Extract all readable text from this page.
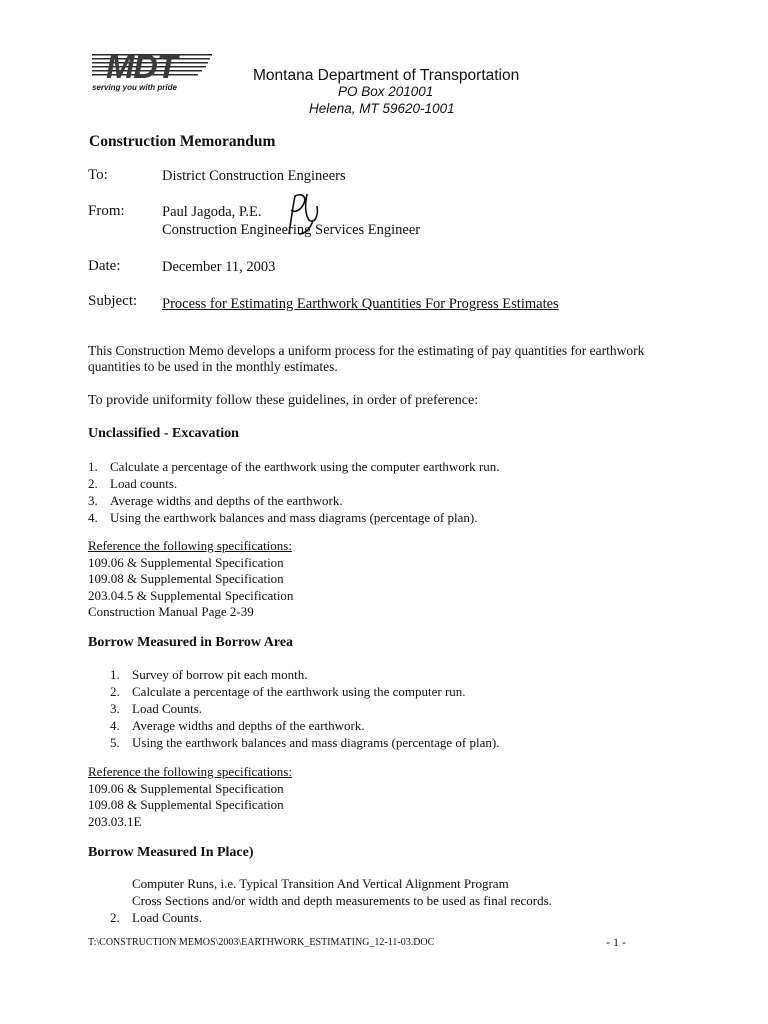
MDT
serving you with pride
Montana Department of Transportation
PO Box 201001
Helena, MT 59620-1001
Construction Memorandum
To:	District Construction Engineers
From:	Paul Jagoda, P.E.
Construction Engineering Services Engineer
Date:	December 11, 2003
Subject: Process for Estimating Earthwork Quantities For Progress Estimates
This Construction Memo develops a uniform process for the estimating of pay quantities for earthwork
quantities to be used in the monthly estimates.
To provide uniformity follow these guidelines, in order of preference:
Unclassified - Excavation
1. Calculate a percentage of the earthwork using the computer earthwork run.
2. Load counts.
3. Average widths and depths of the earthwork.
4. Using the earthwork balances and mass diagrams (percentage of plan).
Reference the following specifications:
109.06 & Supplemental Specification
109.08 & Supplemental Specification
203.04.5 & Supplemental Specification
Construction Manual Page 2-39
Borrow Measured in Borrow Area
1. Survey of borrow pit each month.
2. Calculate a percentage of the earthwork using the computer run.
3. Load Counts.
4. Average widths and depths of the earthwork.
5. Using the earthwork balances and mass diagrams (percentage of plan).
Reference the following specifications:
109.06 & Supplemental Specification
109.08 & Supplemental Specification
203.03.1E
Borrow Measured In Place)
Computer Runs, i.e. Typical Transition And Vertical Alignment Program
Cross Sections and/or width and depth measurements to be used as final records.
2. Load Counts.
T:\CONSTRUCTION MEMOS\2003\EARTHWORK_ESTIMATING_12-11-03.DOC	- 1 -
